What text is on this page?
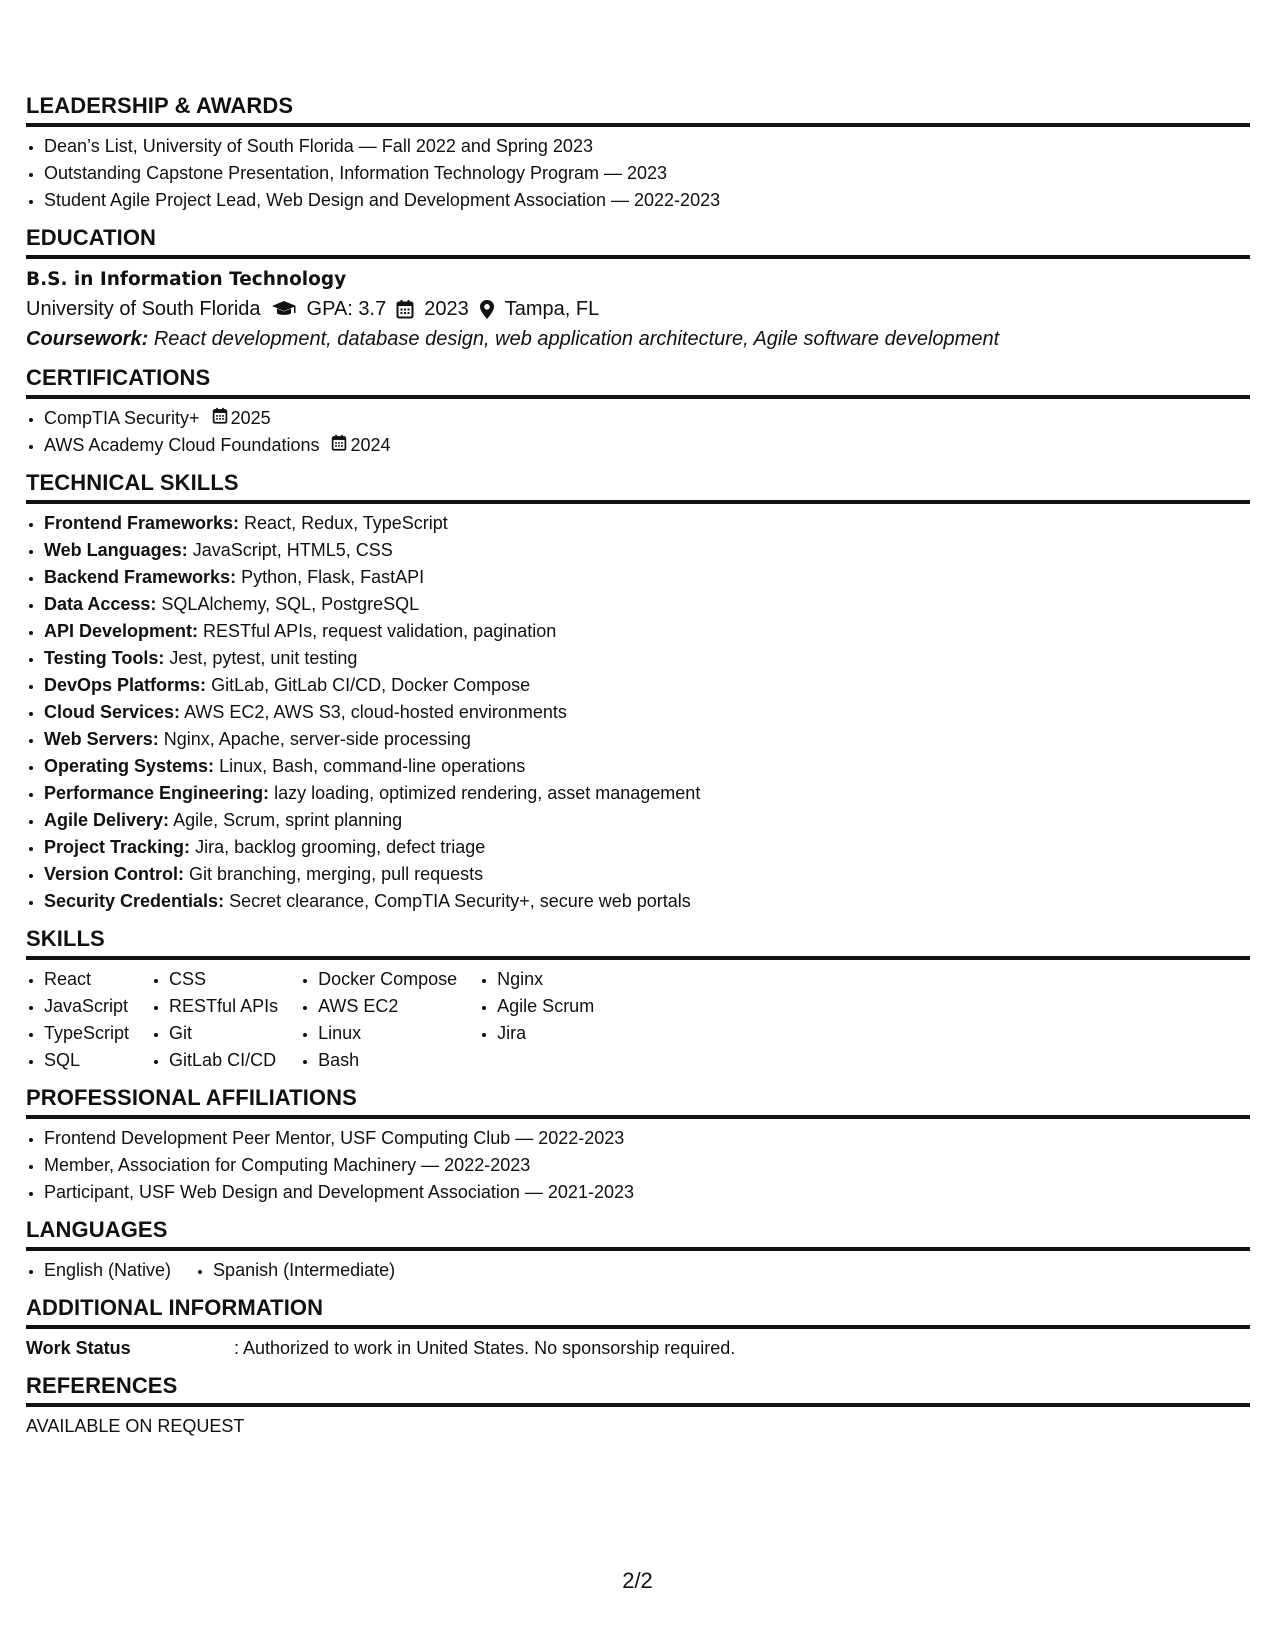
LEADERSHIP & AWARDS
• Dean’s List, University of South Florida — Fall 2022 and Spring 2023
• Outstanding Capstone Presentation, Information Technology Program — 2023
• Student Agile Project Lead, Web Design and Development Association — 2022-2023
EDUCATION
B.S. in Information Technology
University of South Florida GPA: 3.7 2023 Tampa, FL
Coursework: React development, database design, web application architecture, Agile software development
CERTIFICATIONS
• CompTIA Security+ 2025
• AWS Academy Cloud Foundations 2024
TECHNICAL SKILLS
• Frontend Frameworks: React, Redux, TypeScript
• Web Languages: JavaScript, HTML5, CSS
• Backend Frameworks: Python, Flask, FastAPI
• Data Access: SQLAlchemy, SQL, PostgreSQL
• API Development: RESTful APIs, request validation, pagination
• Testing Tools: Jest, pytest, unit testing
• DevOps Platforms: GitLab, GitLab CI/CD, Docker Compose
• Cloud Services: AWS EC2, AWS S3, cloud-hosted environments
• Web Servers: Nginx, Apache, server-side processing
• Operating Systems: Linux, Bash, command-line operations
• Performance Engineering: lazy loading, optimized rendering, asset management
• Agile Delivery: Agile, Scrum, sprint planning
• Project Tracking: Jira, backlog grooming, defect triage
• Version Control: Git branching, merging, pull requests
• Security Credentials: Secret clearance, CompTIA Security+, secure web portals
SKILLS
• React
• JavaScript
• TypeScript
• SQL
• CSS
• RESTful APIs
• Git
• GitLab CI/CD
• Docker Compose
• AWS EC2
• Linux
• Bash
• Nginx
• Agile Scrum
• Jira
PROFESSIONAL AFFILIATIONS
• Frontend Development Peer Mentor, USF Computing Club — 2022-2023
• Member, Association for Computing Machinery — 2022-2023
• Participant, USF Web Design and Development Association — 2021-2023
LANGUAGES
• English (Native)
• Spanish (Intermediate)
ADDITIONAL INFORMATION
Work Status	: Authorized to work in United States. No sponsorship required.
REFERENCES
AVAILABLE ON REQUEST
2/2
